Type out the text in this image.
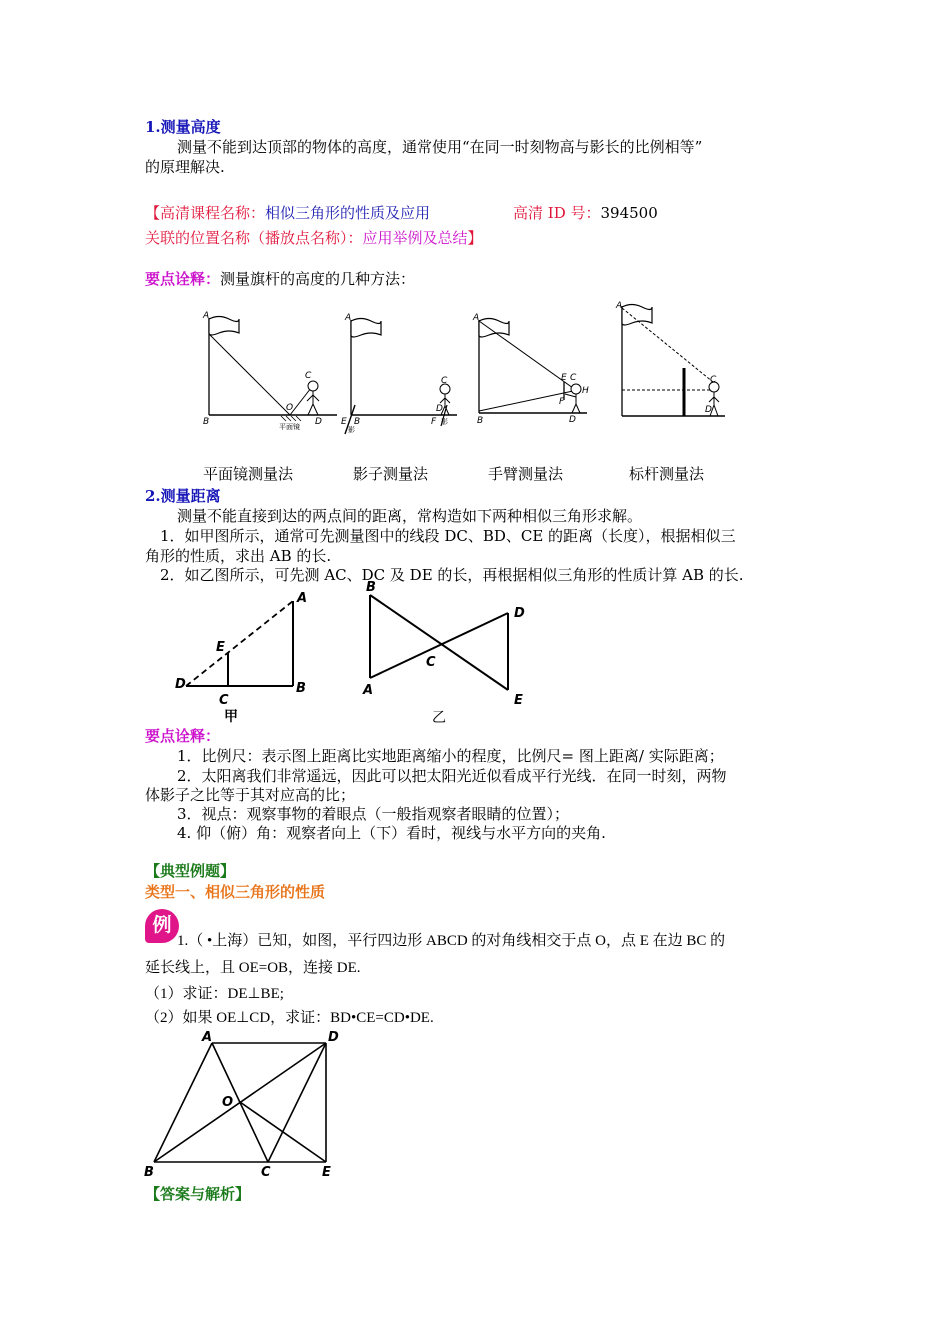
1.测量高度
测量不能到达顶部的物体的高度，通常使用“在同一时刻物高与影长的比例相等”
的原理解决.
【高清课程名称：相似三角形的性质及应用	高清 ID 号：394500
关联的位置名称（播放点名称）：应用举例及总结】
要点诠释：测量旗杆的高度的几种方法：
A
B
O
C
D
平面镜
A
B
E
影
C
D
F 影
A
B
E C
H
F
D
A
C
D
平面镜测量法	影子测量法	手臂测量法	标杆测量法
2.测量距离
测量不能直接到达的两点间的距离，常构造如下两种相似三角形求解。
1．如甲图所示，通常可先测量图中的线段 DC、BD、CE 的距离（长度），根据相似三
角形的性质，求出 AB 的长.
2．如乙图所示，可先测 AC、DC 及 DE 的长，再根据相似三角形的性质计算 AB 的长.
A
B
E
D
C
甲
B
A
C
D
E
乙
要点诠释：
1．比例尺：表示图上距离比实地距离缩小的程度，比例尺= 图上距离/ 实际距离；
2．太阳离我们非常遥远，因此可以把太阳光近似看成平行光线．在同一时刻，两物
体影子之比等于其对应高的比；
3．视点：观察事物的着眼点（一般指观察者眼睛的位置）；
4. 仰（俯）角：观察者向上（下）看时，视线与水平方向的夹角.
【典型例题】
类型一、相似三角形的性质
例
1.（ •上海）已知，如图，平行四边形 ABCD 的对角线相交于点 O，点 E 在边 BC 的
延长线上，且 OE=OB，连接 DE.
（1）求证：DE⊥BE;
（2）如果 OE⊥CD，求证：BD•CE=CD•DE.
A	D
O
B	C	E
【答案与解析】
